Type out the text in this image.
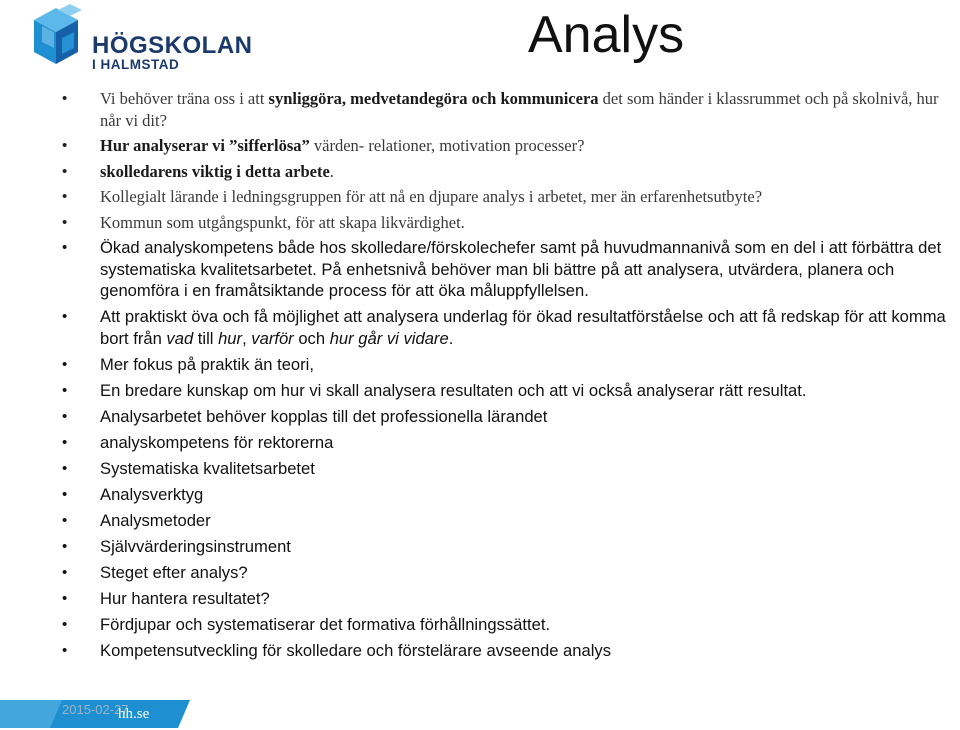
HÖGSKOLAN
I HALMSTAD
Analys
• Vi behöver träna oss i att synliggöra, medvetandegöra och kommunicera det som händer i klassrummet och på skolnivå, hur når vi dit?
• Hur analyserar vi ”sifferlösa” värden- relationer, motivation processer?
• skolledarens viktig i detta arbete.
• Kollegialt lärande i ledningsgruppen för att nå en djupare analys i arbetet, mer än erfarenhetsutbyte?
• Kommun som utgångspunkt, för att skapa likvärdighet.
• Ökad analyskompetens både hos skolledare/förskolechefer samt på huvudmannanivå som en del i att förbättra det systematiska kvalitetsarbetet. På enhetsnivå behöver man bli bättre på att analysera, utvärdera, planera och genomföra i en framåtsiktande process för att öka måluppfyllelsen.
• Att praktiskt öva och få möjlighet att analysera underlag för ökad resultatförståelse och att få redskap för att komma bort från vad till hur, varför och hur går vi vidare.
• Mer fokus på praktik än teori,
• En bredare kunskap om hur vi skall analysera resultaten och att vi också analyserar rätt resultat.
• Analysarbetet behöver kopplas till det professionella lärandet
• analyskompetens för rektorerna
• Systematiska kvalitetsarbetet
• Analysverktyg
• Analysmetoder
• Självvärderingsinstrument
• Steget efter analys?
• Hur hantera resultatet?
• Fördjupar och systematiserar det formativa förhållningssättet.
• Kompetensutveckling för skolledare och förstelärare avseende analys
2015-02-27
hh.se
